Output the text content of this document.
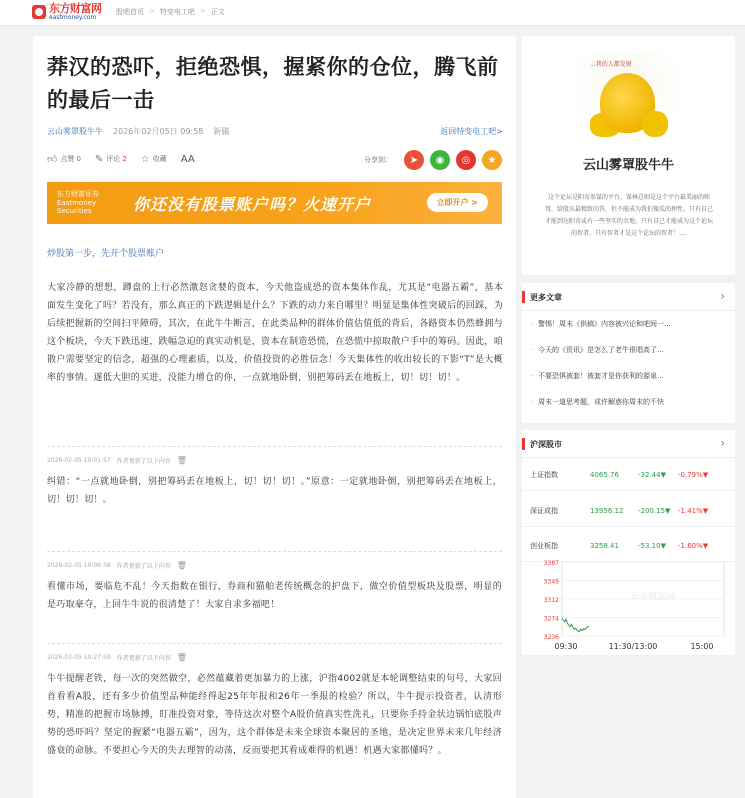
东方财富网
eastmoney.com
股吧首页 > 特变电工吧 > 正文
莽汉的恐吓，拒绝恐惧，握紧你的仓位，腾飞前的最后一击
云山雾罩股牛牛 2026年02月05日 09:58 新疆	返回特变电工吧>
👍︎ 点赞 0 ✎ 评论 2 ☆ 收藏 AA	分享到：	➤	◉	◎	★
东方财富证券 Eastmoney Securities	你还没有股票账户吗？火速开户	立即开户 >
炒股第一步，先开个股票账户

大家冷静的想想，蹲盘的上行必然激怒贪婪的资本，今天他盗成恐的资本集体作乱，尤其是“电器五霸”，基本面发生变化了吗？若没有，那么真正的下跌逻辑是什么？下跌的动力来自哪里？明显是集体性突破后的回踩，为后续把握新的空间扫平障碍，其次，在此牛牛断言，在此类品种的群体价值估值低的背后，各路资本仍然蜂拥与这个板块，今天下跌迅速，跌幅急迫的真实动机是，资本在制造恐慌，在恐慌中掠取散户手中的筹码。因此，咱散户需要坚定的信念，超强的心理素质，以及，价值投资的必胜信念！今天集体性的收出较长的下影“T”是大概率的事情。遂低大胆的买进，没能力增仓的你，一点就地卧倒，别把筹码丢在地板上，切！切！切！。

2026-02-05 10:01:57 作者更新了以下内容 🗑︎

纠错：“一点就地卧倒，别把筹码丢在地板上，切！切！切！。”原意：一定就地卧倒，别把筹码丢在地板上，切！切！切！。

2026-02-05 10:06:38 作者更新了以下内容 🗑︎

看懂市场，要临危不乱！今天指数在银行，券商和猫舶老传统概念的护盘下，做空价值型板块及股票，明显的是巧取豪夺，上回牛牛说的很清楚了！大家自求多福吧！

2026-02-05 10:27:59 作者更新了以下内容 🗑︎

牛牛提醒老铁，每一次的突然做空，必然蕴藏着更加暴力的上涨，沪指4002就是本轮调整结束的句号，大家回首看看A股，还有多少价值型品种能经得起25年年报和26年一季报的检验？所以，牛牛提示投资者，认清形势，精准的把握市场脉搏，盯准投资对象，等待这次对整个A股价值真实性洗礼，只要你手持金状边锅怕底股声势的恐吓吗？坚定的握紧“电器五霸”，因为，这个群体是未来全球资本聚居的圣地，是决定世界未来几年经济盛衰的命脉。不要担心今天的失去理智的动荡，反而要把其看成难得的机遇！机遇大家都懂吗？。

...我的人都发财
云山雾罩股牛牛
这个论坛是阳奇参谋的平台，谋林总则是这个平台最美丽的师哥，给股东最精致的答，但不能成为我们傻瓜的理性，只有自己才能到达阳奇或有一些坚实的余地，只有自己才能成为这个论坛的智者，只有智者才是这个论坛的智者！....
更多文章	›
· 警惕！周末《供稿》内容被兴论和吧间一...
· 今天的《资讯》是怎么了老牛很唱高了...
· 不要恐惧被套！被套才是你获利的源泉...
· 周末一道思考题，或许解惑你周末的不快
沪深股市	›
上证指数	4065.76	-32.44▼	-0.79%▼
深证成指	13956.12	-200.15▼	-1.41%▼
创业板指	3258.41	-53.10▼	-1.60%▼
3387
3349
3312
3274
3236
09:30	11:30/13:00	15:00
东方财富网
